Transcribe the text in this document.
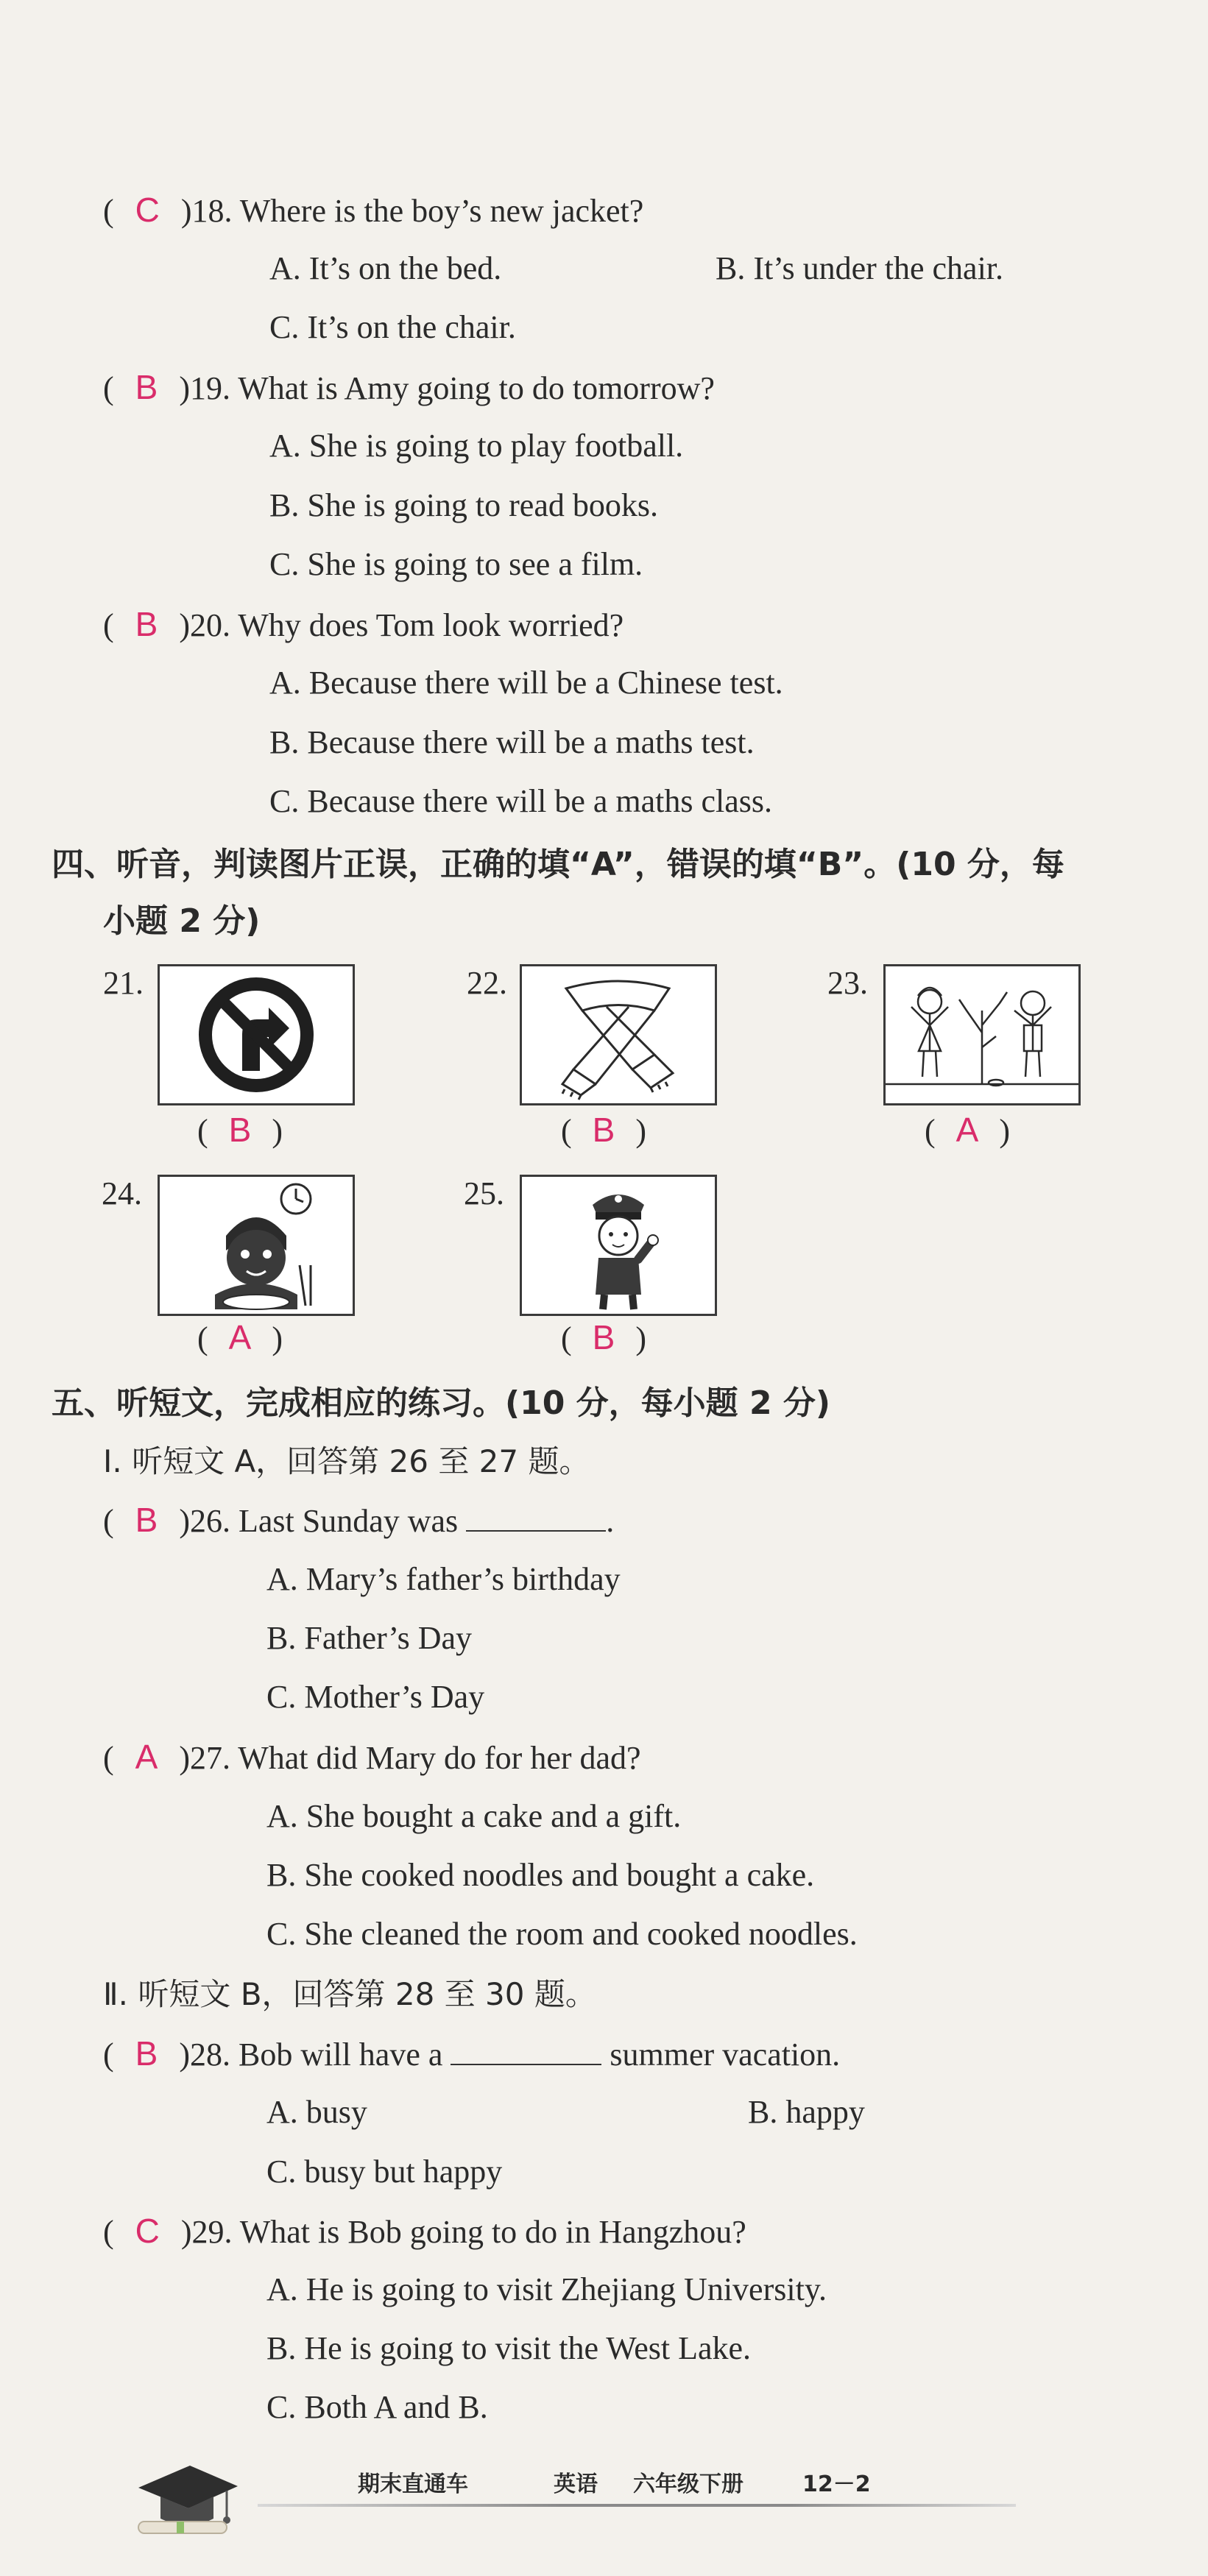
( C )18. Where is the boy’s new jacket?
A. It’s on the bed.	B. It’s under the chair.
C. It’s on the chair.
( B )19. What is Amy going to do tomorrow?
A. She is going to play football.
B. She is going to read books.
C. She is going to see a film.
( B )20. Why does Tom look worried?
A. Because there will be a Chinese test.
B. Because there will be a maths test.
C. Because there will be a maths class.
四、听音，判读图片正误，正确的填“A”，错误的填“B”。(10 分，每
小题 2 分)
21.
( B )
22.
( B )
23.
( A )
24.
( A )
25.
( B )
五、听短文，完成相应的练习。(10 分，每小题 2 分)
Ⅰ. 听短文 A，回答第 26 至 27 题。
( B )26. Last Sunday was	.
A. Mary’s father’s birthday
B. Father’s Day
C. Mother’s Day
( A )27. What did Mary do for her dad?
A. She bought a cake and a gift.
B. She cooked noodles and bought a cake.
C. She cleaned the room and cooked noodles.
Ⅱ. 听短文 B，回答第 28 至 30 题。
( B )28. Bob will have a	summer vacation.
A. busy	B. happy
C. busy but happy
( C )29. What is Bob going to do in Hangzhou?
A. He is going to visit Zhejiang University.
B. He is going to visit the West Lake.
C. Both A and B.
期末直通车	英语 六年级下册	12－2
